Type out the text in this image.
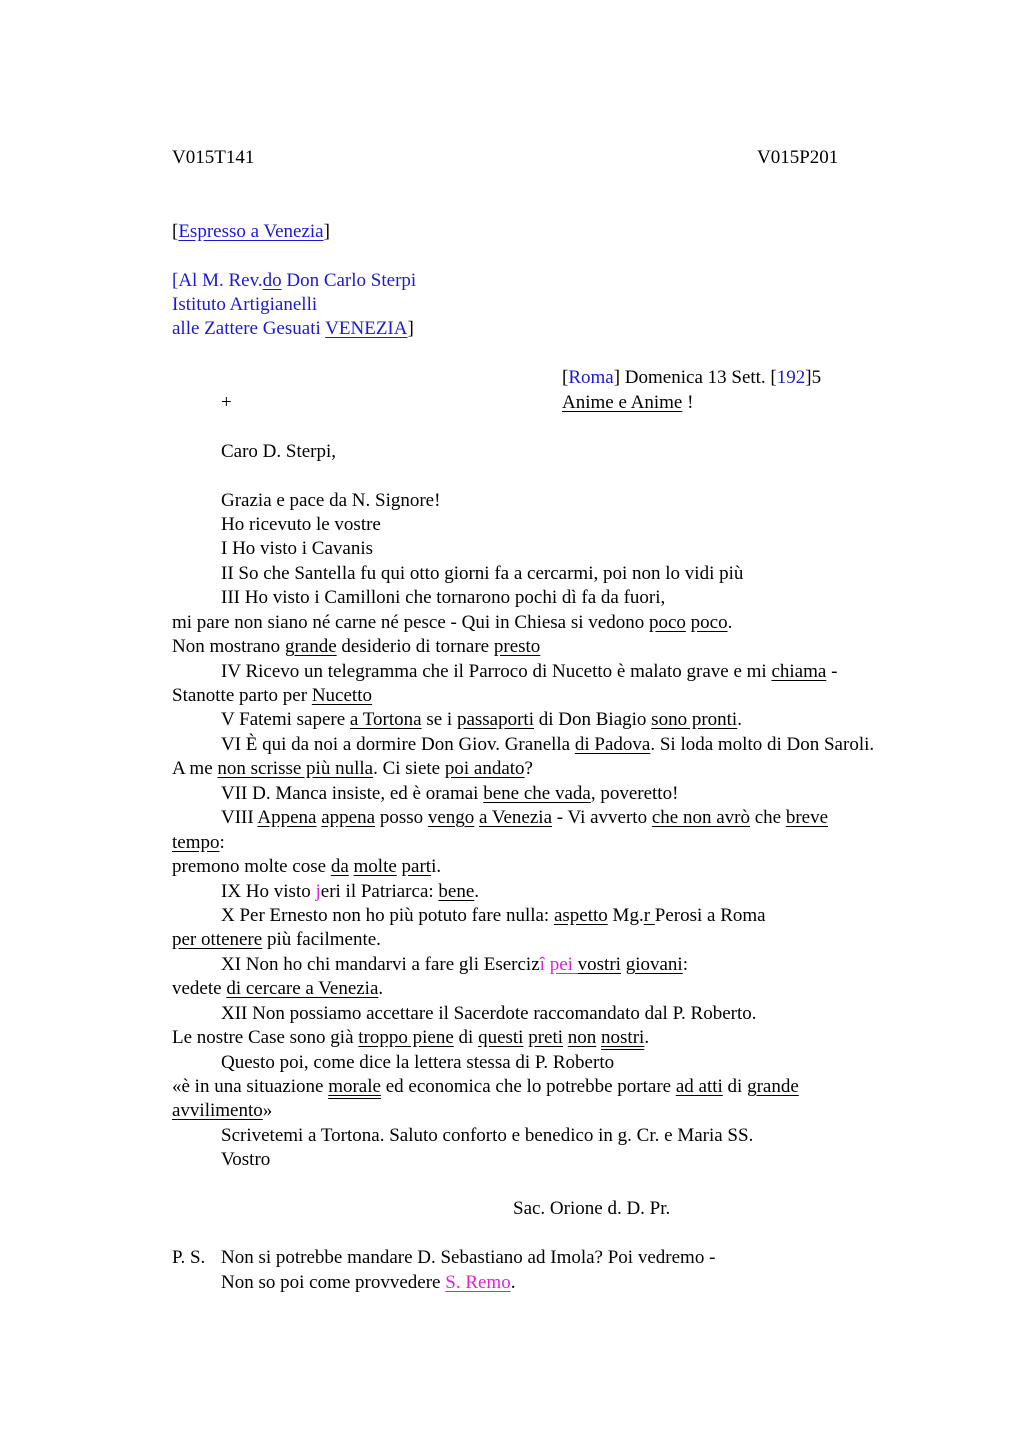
V015T141	V015P201
[Espresso a Venezia]
[Al M. Rev.do Don Carlo Sterpi
Istituto Artigianelli
alle Zattere Gesuati VENEZIA]
[Roma] Domenica 13 Sett. [192]5
+	Anime e Anime !
Caro D. Sterpi,
Grazia e pace da N. Signore!
Ho ricevuto le vostre
I Ho visto i Cavanis
II So che Santella fu qui otto giorni fa a cercarmi, poi non lo vidi più
III Ho visto i Camilloni che tornarono pochi dì fa da fuori,
mi pare non siano né carne né pesce - Qui in Chiesa si vedono poco poco.
Non mostrano grande desiderio di tornare presto
IV Ricevo un telegramma che il Parroco di Nucetto è malato grave e mi chiama -
Stanotte parto per Nucetto
V Fatemi sapere a Tortona se i passaporti di Don Biagio sono pronti.
VI È qui da noi a dormire Don Giov. Granella di Padova. Si loda molto di Don Saroli.
A me non scrisse più nulla. Ci siete poi andato?
VII D. Manca insiste, ed è oramai bene che vada, poveretto!
VIII Appena appena posso vengo a Venezia - Vi avverto che non avrò che breve
tempo:
premono molte cose da molte parti.
IX Ho visto jeri il Patriarca: bene.
X Per Ernesto non ho più potuto fare nulla: aspetto Mg.r Perosi a Roma
per ottenere più facilmente.
XI Non ho chi mandarvi a fare gli Esercizî pei vostri giovani:
vedete di cercare a Venezia.
XII Non possiamo accettare il Sacerdote raccomandato dal P. Roberto.
Le nostre Case sono già troppo piene di questi preti non nostri.
Questo poi, come dice la lettera stessa di P. Roberto
«è in una situazione morale ed economica che lo potrebbe portare ad atti di grande
avvilimento»
Scrivetemi a Tortona. Saluto conforto e benedico in g. Cr. e Maria SS.
Vostro
Sac. Orione d. D. Pr.
P. S. Non si potrebbe mandare D. Sebastiano ad Imola? Poi vedremo -
Non so poi come provvedere S. Remo.
